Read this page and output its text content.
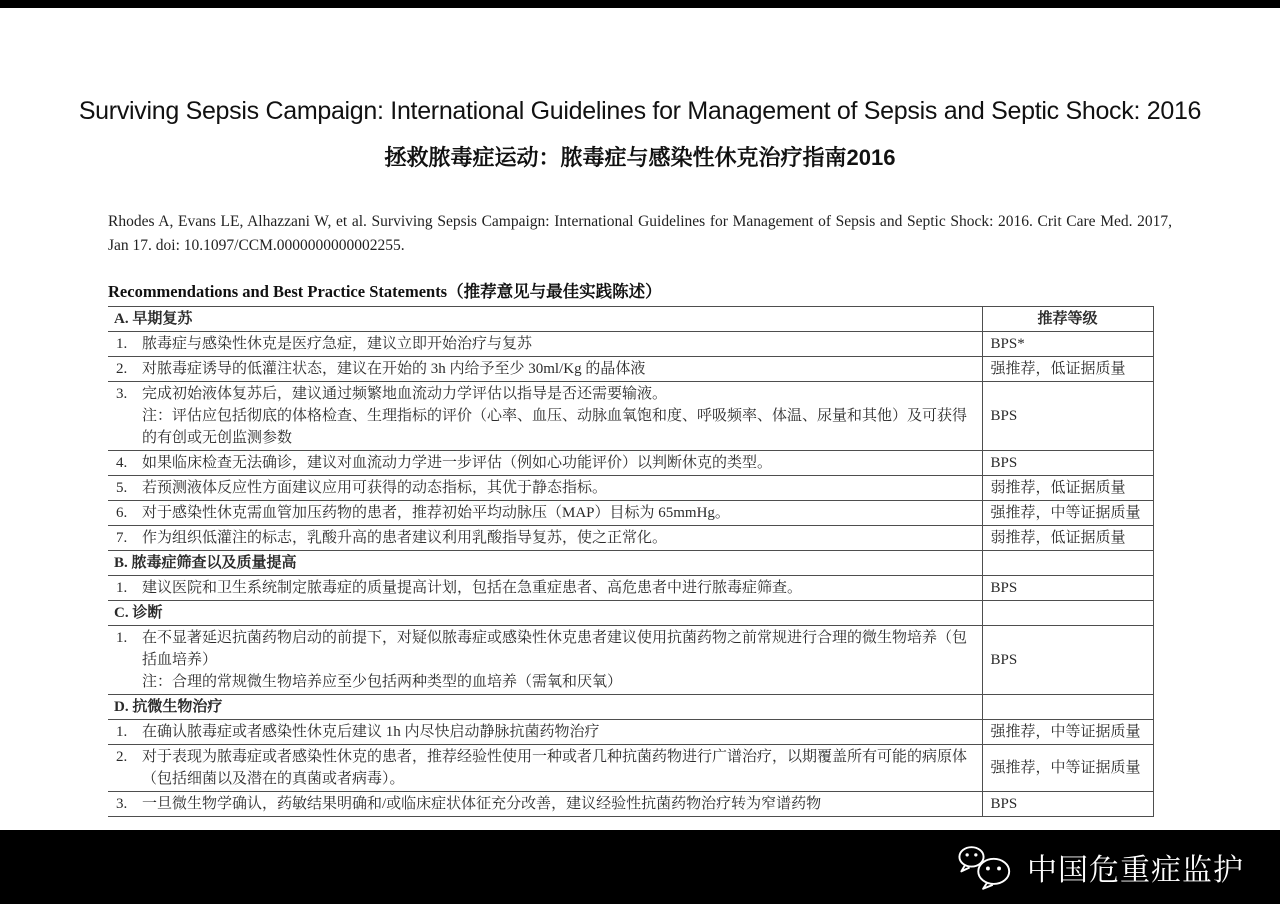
Surviving Sepsis Campaign: International Guidelines for Management of Sepsis and Septic Shock: 2016
拯救脓毒症运动：脓毒症与感染性休克治疗指南2016

Rhodes A, Evans LE, Alhazzani W, et al. Surviving Sepsis Campaign: International Guidelines for Management of Sepsis and Septic Shock: 2016. Crit Care Med. 2017, Jan 17. doi: 10.1097/CCM.0000000000002255.

Recommendations and Best Practice Statements（推荐意见与最佳实践陈述）
A. 早期复苏	推荐等级

1. 脓毒症与感染性休克是医疗急症，建议立即开始治疗与复苏	BPS*

2. 对脓毒症诱导的低灌注状态，建议在开始的 3h 内给予至少 30ml/Kg 的晶体液	强推荐，低证据质量

3. 完成初始液体复苏后，建议通过频繁地血流动力学评估以指导是否还需要输液。
注：评估应包括彻底的体格检查、生理指标的评价（心率、血压、动脉血氧饱和度、呼吸频率、体温、尿量和其他）及可获得的有创或无创监测参数	BPS

4. 如果临床检查无法确诊，建议对血流动力学进一步评估（例如心功能评价）以判断休克的类型。	BPS

5. 若预测液体反应性方面建议应用可获得的动态指标，其优于静态指标。	弱推荐，低证据质量

6. 对于感染性休克需血管加压药物的患者，推荐初始平均动脉压（MAP）目标为 65mmHg。	强推荐，中等证据质量

7. 作为组织低灌注的标志，乳酸升高的患者建议利用乳酸指导复苏，使之正常化。	弱推荐，低证据质量
B. 脓毒症筛查以及质量提高	

1. 建议医院和卫生系统制定脓毒症的质量提高计划，包括在急重症患者、高危患者中进行脓毒症筛查。	BPS
C. 诊断	

1. 在不显著延迟抗菌药物启动的前提下，对疑似脓毒症或感染性休克患者建议使用抗菌药物之前常规进行合理的微生物培养（包括血培养）
注：合理的常规微生物培养应至少包括两种类型的血培养（需氧和厌氧）	BPS
D. 抗微生物治疗	

1. 在确认脓毒症或者感染性休克后建议 1h 内尽快启动静脉抗菌药物治疗	强推荐，中等证据质量

2. 对于表现为脓毒症或者感染性休克的患者，推荐经验性使用一种或者几种抗菌药物进行广谱治疗，以期覆盖所有可能的病原体（包括细菌以及潜在的真菌或者病毒）。	强推荐，中等证据质量

3. 一旦微生物学确认，药敏结果明确和/或临床症状体征充分改善，建议经验性抗菌药物治疗转为窄谱药物	BPS
中国危重症监护
